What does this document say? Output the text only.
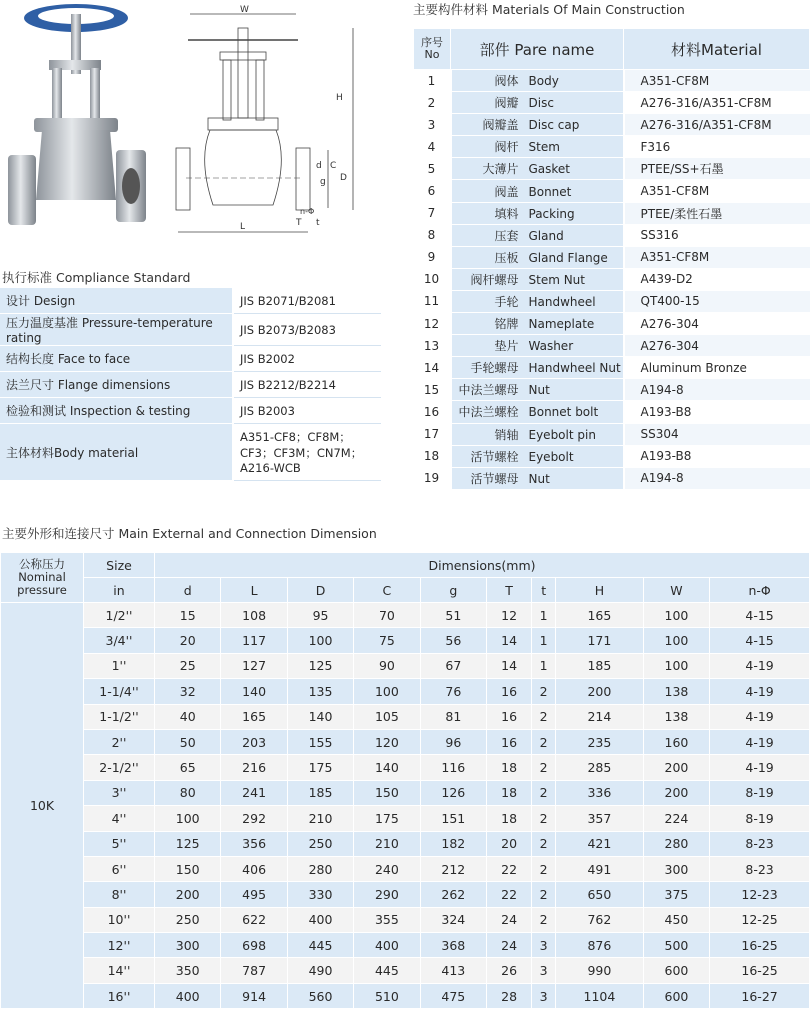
W
H
D
C
d
g
T t
n-Φ
L
执行标准 Compliance Standard
设计 Design	JIS B2071/B2081
压力温度基准 Pressure-temperature rating	JIS B2073/B2083
结构长度 Face to face	JIS B2002
法兰尺寸 Flange dimensions	JIS B2212/B2214
检验和测试 Inspection & testing	JIS B2003
主体材料Body material	A351-CF8；CF8M；CF3；CF3M；CN7M；A216-WCB
主要构件材料 Materials Of Main Construction
序号
No	部件 Pare name	材料Material
1	阀体 Body	A351-CF8M
2	阀瓣 Disc	A276-316/A351-CF8M
3	阀瓣盖 Disc cap	A276-316/A351-CF8M
4	阀杆 Stem	F316
5	大薄片 Gasket	PTEE/SS+石墨
6	阀盖 Bonnet	A351-CF8M
7	填料 Packing	PTEE/柔性石墨
8	压套 Gland	SS316
9	压板 Gland Flange	A351-CF8M
10	阀杆螺母 Stem Nut	A439-D2
11	手轮 Handwheel	QT400-15
12	铭牌 Nameplate	A276-304
13	垫片 Washer	A276-304
14	手轮螺母 Handwheel Nut	Aluminum Bronze
15	中法兰螺母 Nut	A194-8
16	中法兰螺栓 Bonnet bolt	A193-B8
17	销轴 Eyebolt pin	SS304
18	活节螺栓 Eyebolt	A193-B8
19	活节螺母 Nut	A194-8
主要外形和连接尺寸 Main External and Connection Dimension
公称压力
Nominal
pressure	Size	Dimensions(mm)									
	in	d	L	D	C	g	T	t	H	W	n-Φ
10K	1/2''	15	108	95	70	51	12	1	165	100	4-15
	3/4''	20	117	100	75	56	14	1	171	100	4-15
	1''	25	127	125	90	67	14	1	185	100	4-19
	1-1/4''	32	140	135	100	76	16	2	200	138	4-19
	1-1/2''	40	165	140	105	81	16	2	214	138	4-19
	2''	50	203	155	120	96	16	2	235	160	4-19
	2-1/2''	65	216	175	140	116	18	2	285	200	4-19
	3''	80	241	185	150	126	18	2	336	200	8-19
	4''	100	292	210	175	151	18	2	357	224	8-19
	5''	125	356	250	210	182	20	2	421	280	8-23
	6''	150	406	280	240	212	22	2	491	300	8-23
	8''	200	495	330	290	262	22	2	650	375	12-23
	10''	250	622	400	355	324	24	2	762	450	12-25
	12''	300	698	445	400	368	24	3	876	500	16-25
	14''	350	787	490	445	413	26	3	990	600	16-25
	16''	400	914	560	510	475	28	3	1104	600	16-27
